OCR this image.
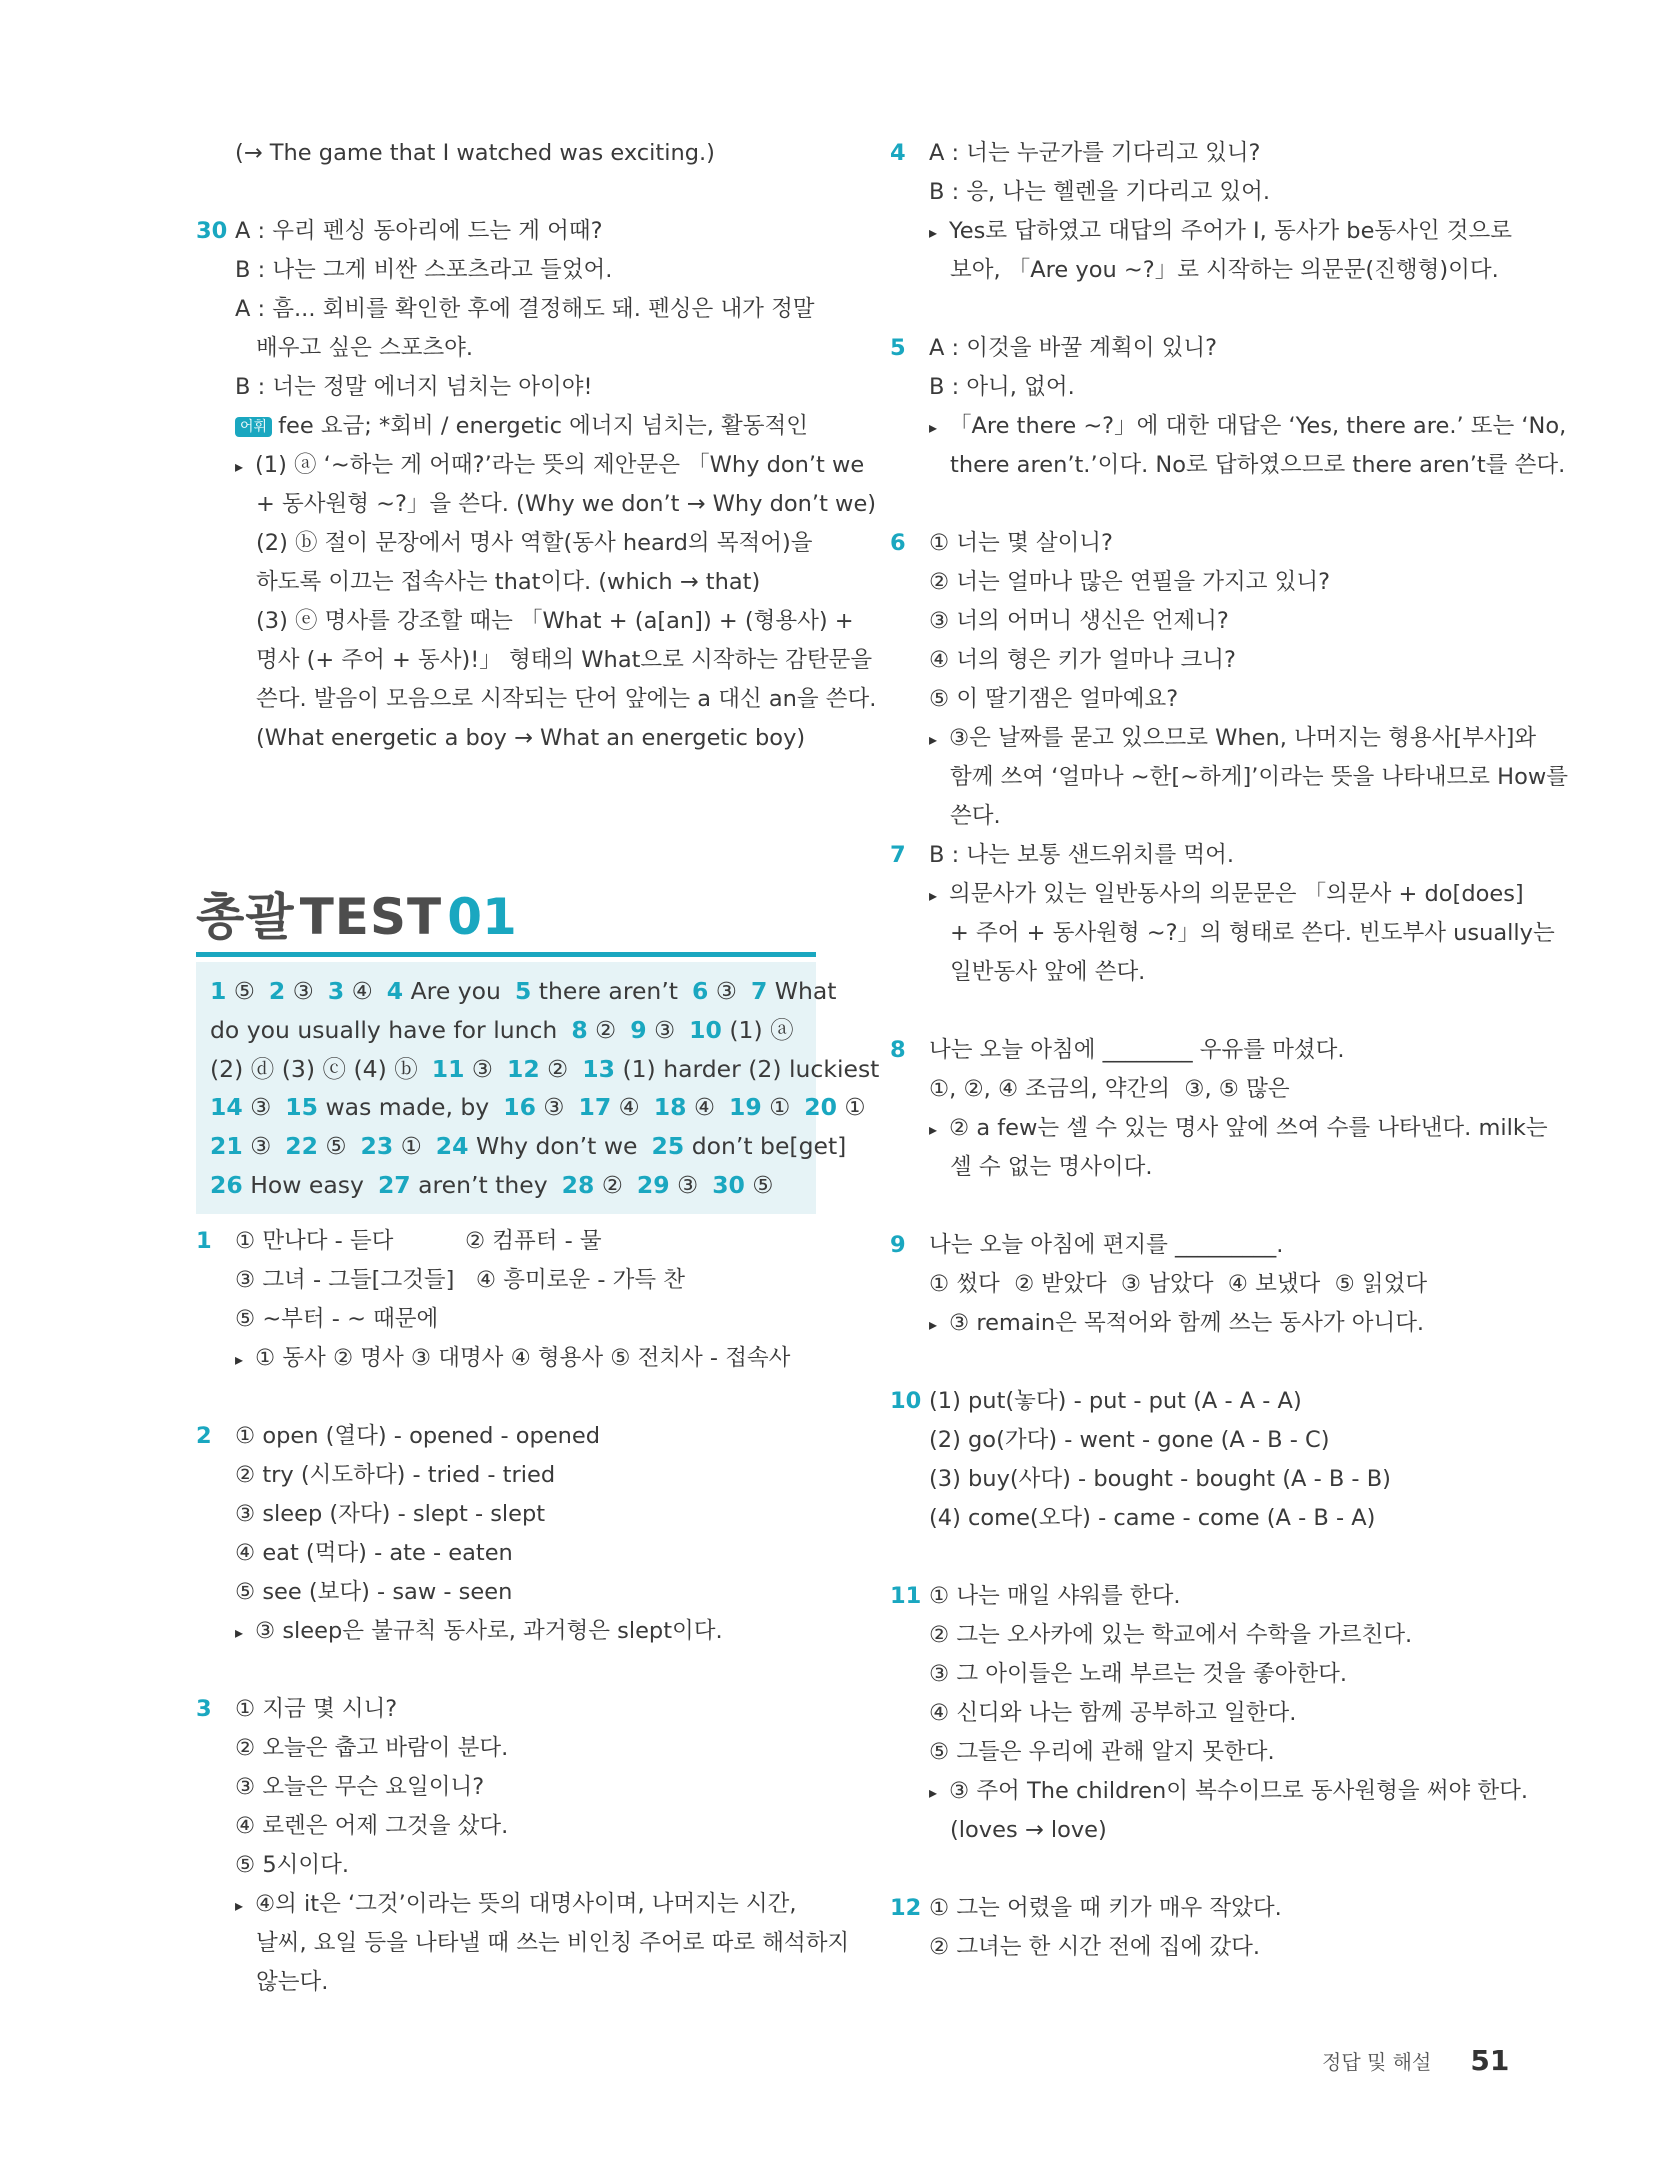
(→ The game that I watched was exciting.)
30 A : 우리 펜싱 동아리에 드는 게 어때?
B : 나는 그게 비싼 스포츠라고 들었어.
A : 흠... 회비를 확인한 후에 결정해도 돼. 펜싱은 내가 정말
배우고 싶은 스포츠야.
B : 너는 정말 에너지 넘치는 아이야!
어휘 fee 요금; *회비 / energetic 에너지 넘치는, 활동적인
▸ (1) ⓐ ‘~하는 게 어때?’라는 뜻의 제안문은 「Why don’t we
+ 동사원형 ~?」을 쓴다. (Why we don’t → Why don’t we)
(2) ⓑ 절이 문장에서 명사 역할(동사 heard의 목적어)을
하도록 이끄는 접속사는 that이다. (which → that)
(3) ⓔ 명사를 강조할 때는 「What + (a[an]) + (형용사) +
명사 (+ 주어 + 동사)!」 형태의 What으로 시작하는 감탄문을
쓴다. 발음이 모음으로 시작되는 단어 앞에는 a 대신 an을 쓴다.
(What energetic a boy → What an energetic boy)
총괄 TEST 01
1 ⑤ 2 ③ 3 ④ 4 Are you 5 there aren’t 6 ③ 7 What
do you usually have for lunch 8 ② 9 ③ 10 (1) ⓐ
(2) ⓓ (3) ⓒ (4) ⓑ 11 ③ 12 ② 13 (1) harder (2) luckiest
14 ③ 15 was made, by 16 ③ 17 ④ 18 ④ 19 ① 20 ①
21 ③ 22 ⑤ 23 ① 24 Why don’t we 25 don’t be[get]
26 How easy 27 aren’t they 28 ② 29 ③ 30 ⑤
1 ① 만나다 - 듣다          ② 컴퓨터 - 물
③ 그녀 - 그들[그것들]   ④ 흥미로운 - 가득 찬
⑤ ~부터 - ~ 때문에
▸ ① 동사 ② 명사 ③ 대명사 ④ 형용사 ⑤ 전치사 - 접속사
2 ① open (열다) - opened - opened
② try (시도하다) - tried - tried
③ sleep (자다) - slept - slept
④ eat (먹다) - ate - eaten
⑤ see (보다) - saw - seen
▸ ③ sleep은 불규칙 동사로, 과거형은 slept이다.
3 ① 지금 몇 시니?
② 오늘은 춥고 바람이 분다.
③ 오늘은 무슨 요일이니?
④ 로렌은 어제 그것을 샀다.
⑤ 5시이다.
▸ ④의 it은 ‘그것’이라는 뜻의 대명사이며, 나머지는 시간,
날씨, 요일 등을 나타낼 때 쓰는 비인칭 주어로 따로 해석하지
않는다.
4 A : 너는 누군가를 기다리고 있니?
B : 응, 나는 헬렌을 기다리고 있어.
▸ Yes로 답하였고 대답의 주어가 I, 동사가 be동사인 것으로
보아, 「Are you ~?」로 시작하는 의문문(진행형)이다.
5 A : 이것을 바꿀 계획이 있니?
B : 아니, 없어.
▸ 「Are there ~?」에 대한 대답은 ‘Yes, there are.’ 또는 ‘No,
there aren’t.’이다. No로 답하였으므로 there aren’t를 쓴다.
6 ① 너는 몇 살이니?
② 너는 얼마나 많은 연필을 가지고 있니?
③ 너의 어머니 생신은 언제니?
④ 너의 형은 키가 얼마나 크니?
⑤ 이 딸기잼은 얼마예요?
▸ ③은 날짜를 묻고 있으므로 When, 나머지는 형용사[부사]와
함께 쓰여 ‘얼마나 ~한[~하게]’이라는 뜻을 나타내므로 How를
쓴다.
7 B : 나는 보통 샌드위치를 먹어.
▸ 의문사가 있는 일반동사의 의문문은 「의문사 + do[does]
+ 주어 + 동사원형 ~?」의 형태로 쓴다. 빈도부사 usually는
일반동사 앞에 쓴다.
8 나는 오늘 아침에 ________ 우유를 마셨다.
①, ②, ④ 조금의, 약간의  ③, ⑤ 많은
▸ ② a few는 셀 수 있는 명사 앞에 쓰여 수를 나타낸다. milk는
셀 수 없는 명사이다.
9 나는 오늘 아침에 편지를 _________.
① 썼다  ② 받았다  ③ 남았다  ④ 보냈다  ⑤ 읽었다
▸ ③ remain은 목적어와 함께 쓰는 동사가 아니다.
10 (1) put(놓다) - put - put (A - A - A)
(2) go(가다) - went - gone (A - B - C)
(3) buy(사다) - bought - bought (A - B - B)
(4) come(오다) - came - come (A - B - A)
11 ① 나는 매일 샤워를 한다.
② 그는 오사카에 있는 학교에서 수학을 가르친다.
③ 그 아이들은 노래 부르는 것을 좋아한다.
④ 신디와 나는 함께 공부하고 일한다.
⑤ 그들은 우리에 관해 알지 못한다.
▸ ③ 주어 The children이 복수이므로 동사원형을 써야 한다.
(loves → love)
12 ① 그는 어렸을 때 키가 매우 작았다.
② 그녀는 한 시간 전에 집에 갔다.
정답 및 해설 51
